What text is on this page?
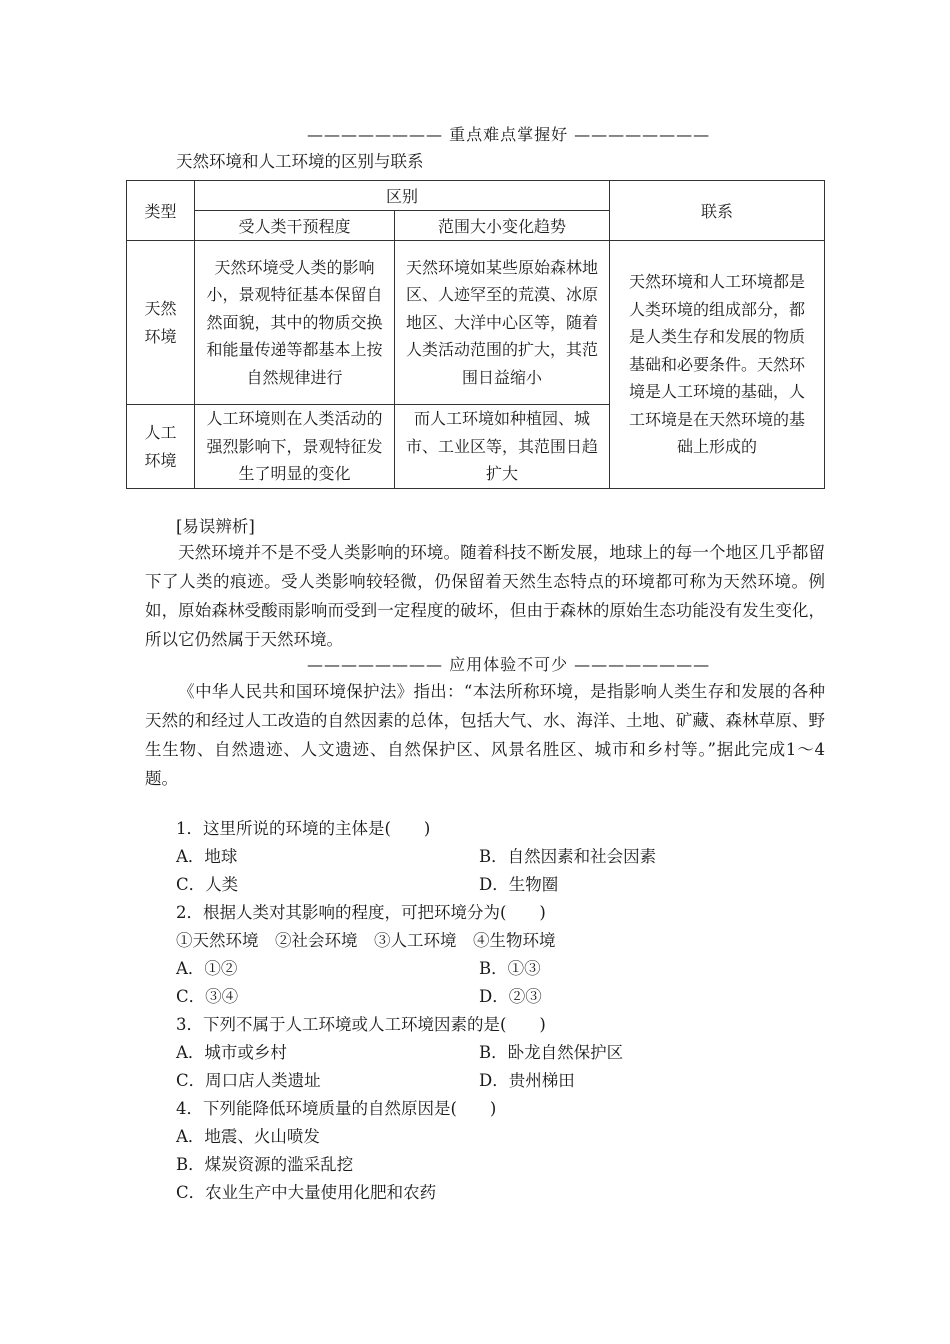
———————— 重点难点掌握好 ————————
天然环境和人工环境的区别与联系
类型	区别		联系
	受人类干预程度	范围大小变化趋势	

天然环境	天然环境受人类的影响小，景观特征基本保留自然面貌，其中的物质交换和能量传递等都基本上按自然规律进行	天然环境如某些原始森林地区、人迹罕至的荒漠、冰原地区、大洋中心区等，随着人类活动范围的扩大，其范围日益缩小	天然环境和人工环境都是人类环境的组成部分，都是人类生存和发展的物质基础和必要条件。天然环境是人工环境的基础，人工环境是在天然环境的基础上形成的

人工环境	人工环境则在人类活动的强烈影响下，景观特征发生了明显的变化	而人工环境如种植园、城市、工业区等，其范围日趋扩大	
[易误辨析]
天然环境并不是不受人类影响的环境。随着科技不断发展，地球上的每一个地区几乎都留下了人类的痕迹。受人类影响较轻微，仍保留着天然生态特点的环境都可称为天然环境。例如，原始森林受酸雨影响而受到一定程度的破坏，但由于森林的原始生态功能没有发生变化，所以它仍然属于天然环境。
———————— 应用体验不可少 ————————
《中华人民共和国环境保护法》指出：“本法所称环境，是指影响人类生存和发展的各种天然的和经过人工改造的自然因素的总体，包括大气、水、海洋、土地、矿藏、森林草原、野生生物、自然遗迹、人文遗迹、自然保护区、风景名胜区、城市和乡村等。”据此完成1～4题。
1．这里所说的环境的主体是(　　)
A．地球	B．自然因素和社会因素
C．人类	D．生物圈
2．根据人类对其影响的程度，可把环境分为(　　)
①天然环境　②社会环境　③人工环境　④生物环境
A．①②	B．①③
C．③④	D．②③
3．下列不属于人工环境或人工环境因素的是(　　)
A．城市或乡村	B．卧龙自然保护区
C．周口店人类遗址	D．贵州梯田
4．下列能降低环境质量的自然原因是(　　)
A．地震、火山喷发
B．煤炭资源的滥采乱挖
C．农业生产中大量使用化肥和农药
